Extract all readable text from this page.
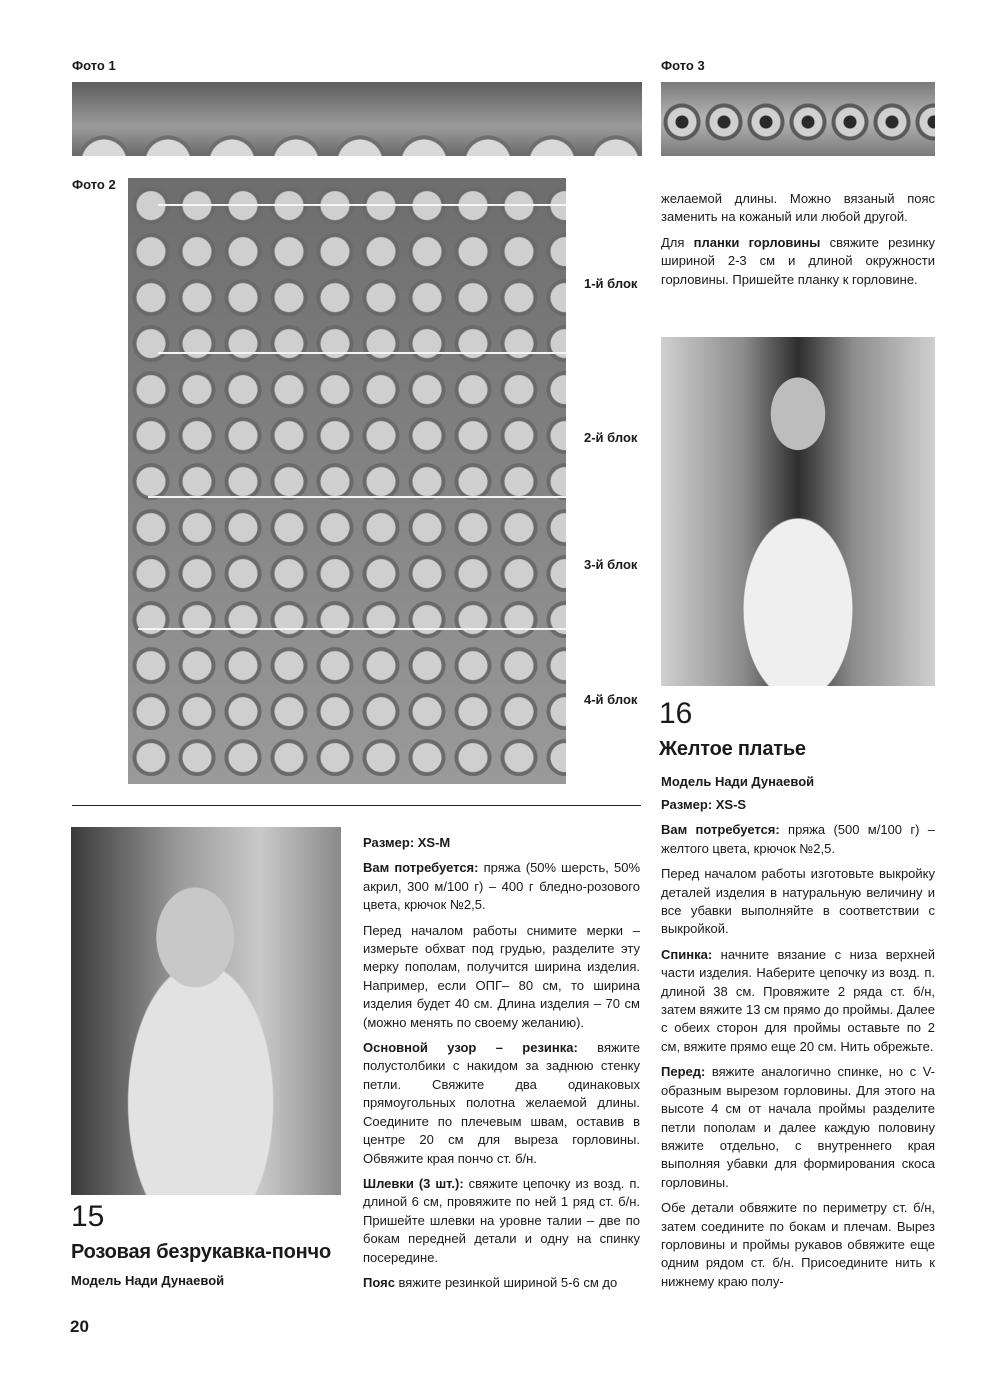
Фото 1	Фото 3
Фото 2
1-й блок
2-й блок
3-й блок
4-й блок

желаемой длины. Можно вязаный пояс заменить на кожаный или любой другой.

Для планки горловины свяжите резинку шириной 2-3 см и длиной окружности горловины. Пришейте планку к горловине.

16
Желтое платье
Модель Нади Дунаевой

Размер: XS-S

Вам потребуется: пряжа (500 м/100 г) – желтого цвета, крючок №2,5.

Перед началом работы изготовьте выкройку деталей изделия в натуральную величину и все убавки выполняйте в соответствии с выкройкой.

Спинка: начните вязание с низа верхней части изделия. Наберите цепочку из возд. п. длиной 38 см. Провяжите 2 ряда ст. б/н, затем вяжите 13 см прямо до проймы. Далее с обеих сторон для проймы оставьте по 2 см, вяжите прямо еще 20 см. Нить обрежьте.

Перед: вяжите аналогично спинке, но с V-образным вырезом горловины. Для этого на высоте 4 см от начала проймы разделите петли пополам и далее каждую половину вяжите отдельно, с внутреннего края выполняя убавки для формирования скоса горловины.

Обе детали обвяжите по периметру ст. б/н, затем соедините по бокам и плечам. Вырез горловины и проймы рукавов обвяжите еще одним рядом ст. б/н. Присоедините нить к нижнему краю полу-

15
Розовая безрукавка-пончо
Модель Нади Дунаевой

Размер: XS-M

Вам потребуется: пряжа (50% шерсть, 50% акрил, 300 м/100 г) – 400 г бледно-розового цвета, крючок №2,5.

Перед началом работы снимите мерки – измерьте обхват под грудью, разделите эту мерку пополам, получится ширина изделия. Например, если ОПГ– 80 см, то ширина изделия будет 40 см. Длина изделия – 70 см (можно менять по своему желанию).

Основной узор – резинка: вяжите полустолбики с накидом за заднюю стенку петли. Свяжите два одинаковых прямоугольных полотна желаемой длины. Соедините по плечевым швам, оставив в центре 20 см для выреза горловины. Обвяжите края пончо ст. б/н.

Шлевки (3 шт.): свяжите цепочку из возд. п. длиной 6 см, провяжите по ней 1 ряд ст. б/н. Пришейте шлевки на уровне талии – две по бокам передней детали и одну на спинку посередине.

Пояс вяжите резинкой шириной 5-6 см до

20
